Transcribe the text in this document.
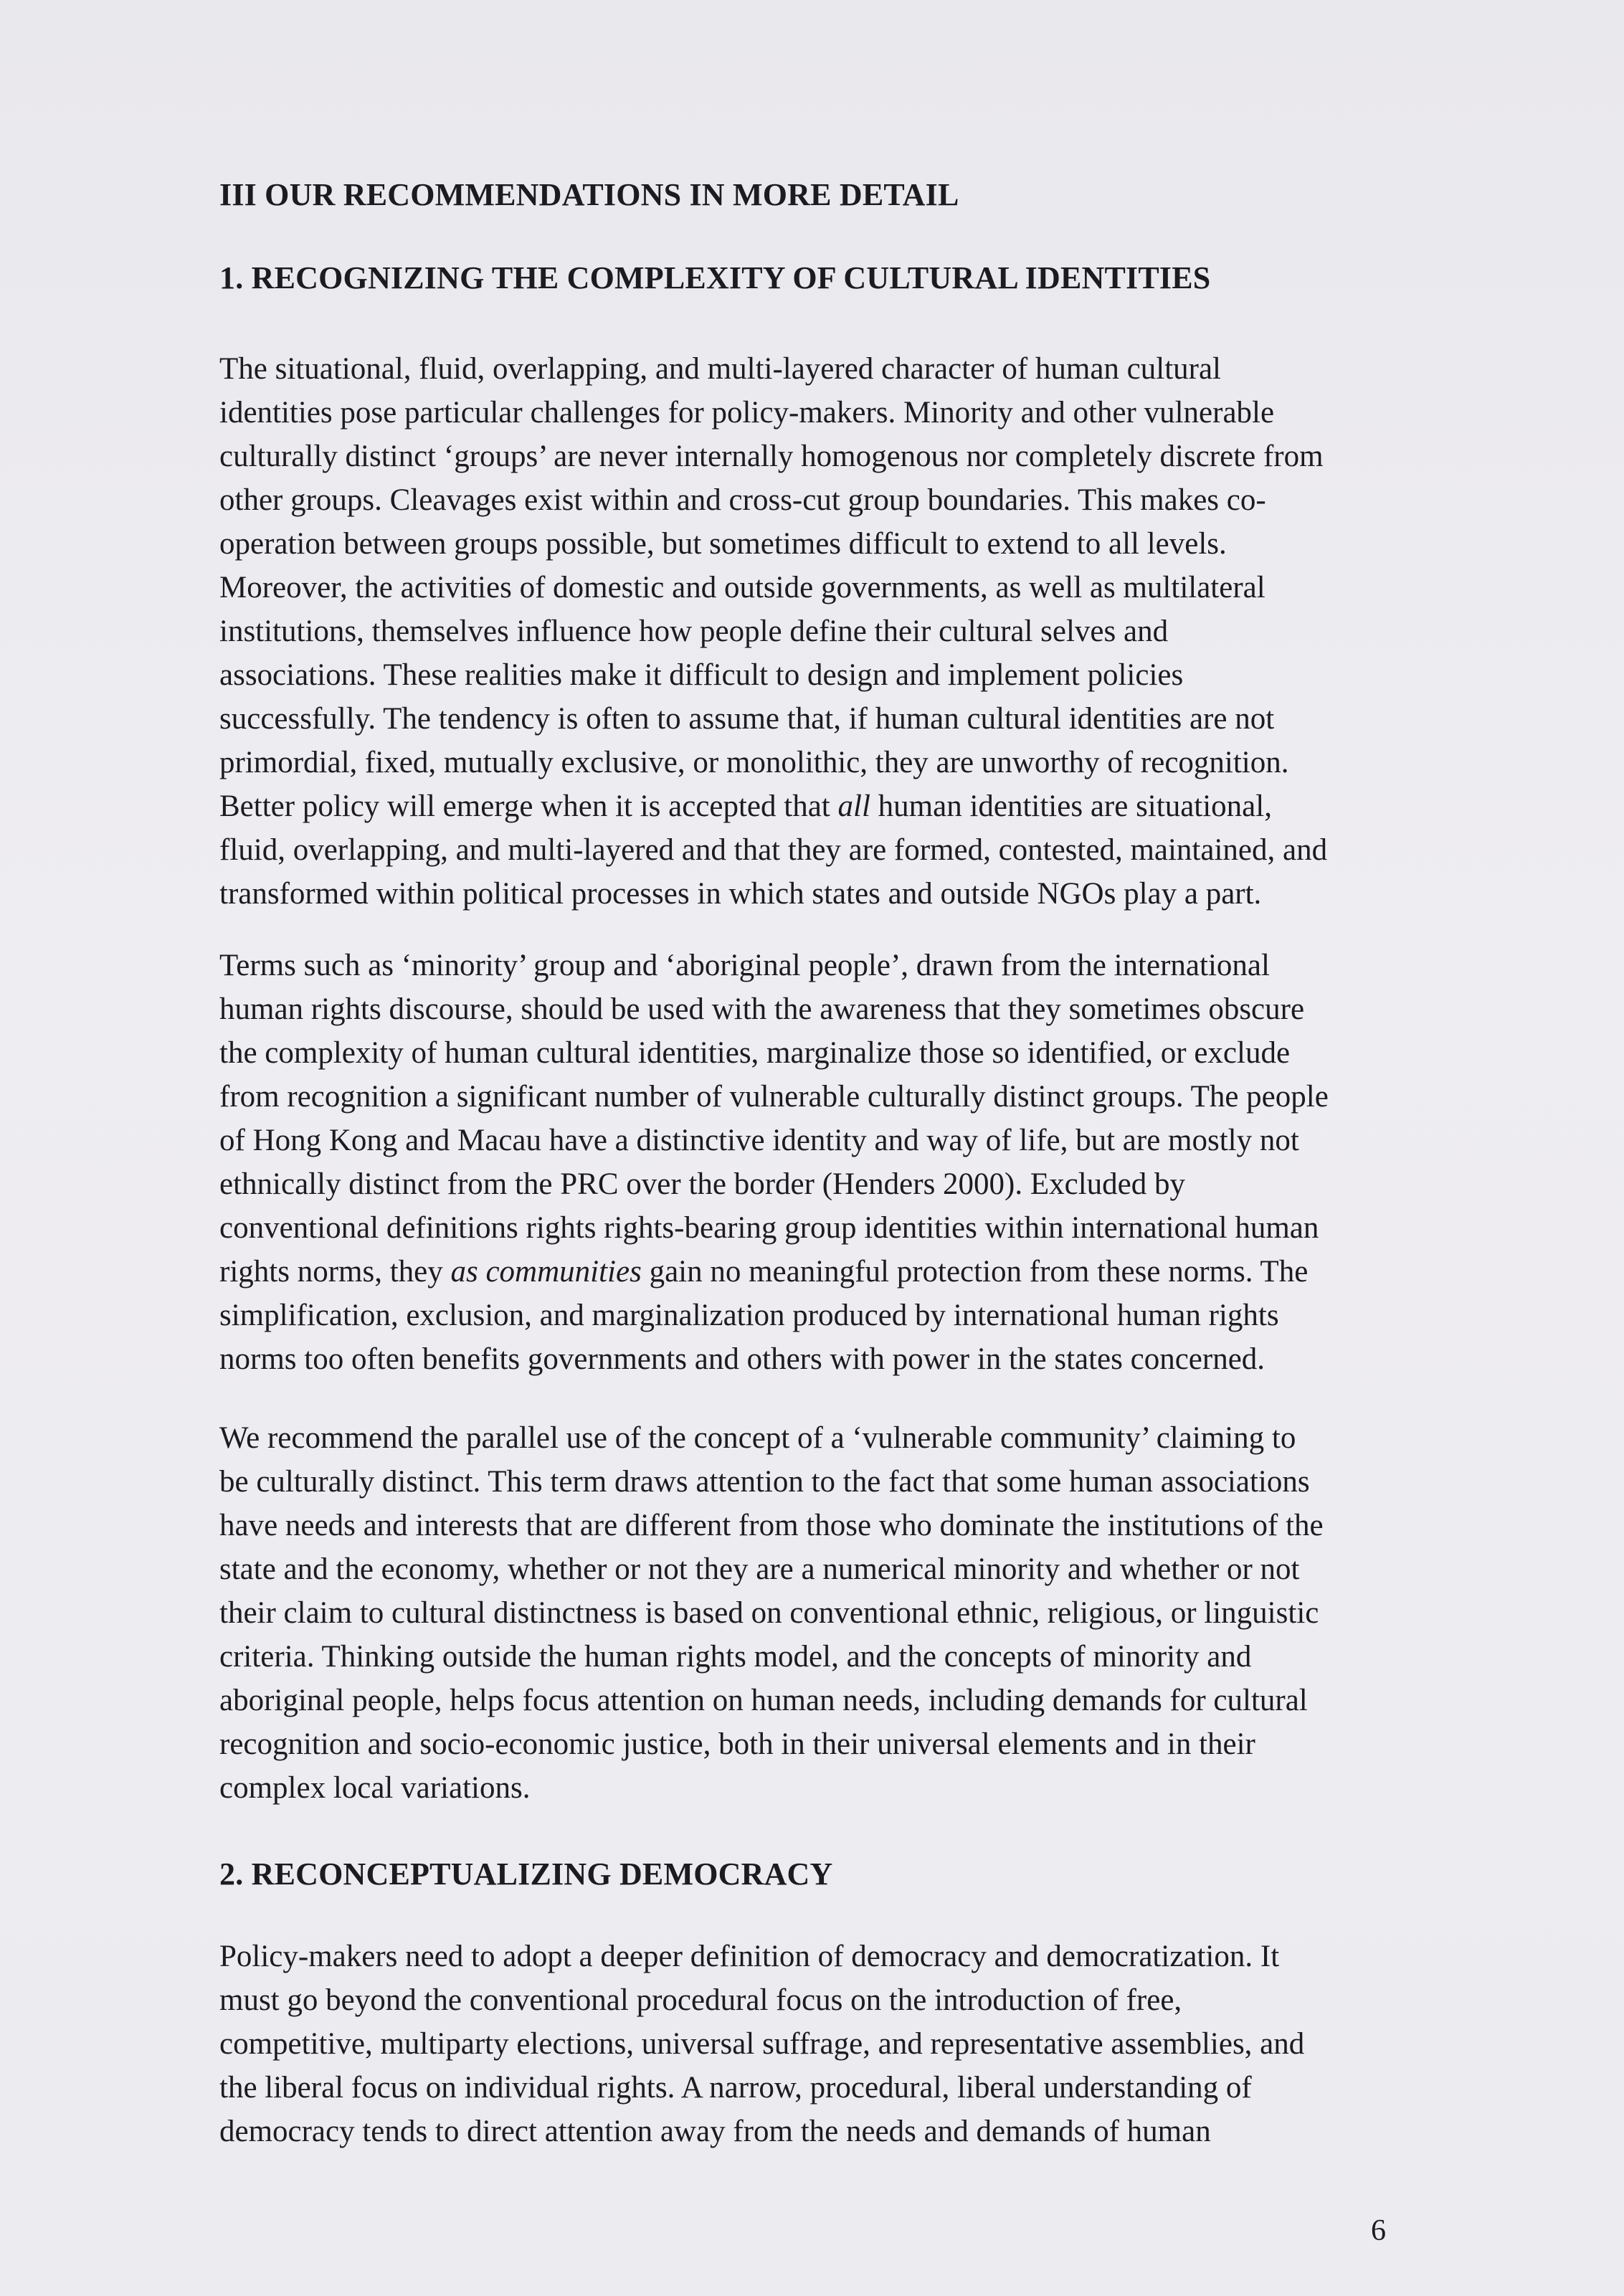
III OUR RECOMMENDATIONS IN MORE DETAIL
1. RECOGNIZING THE COMPLEXITY OF CULTURAL IDENTITIES
The situational, fluid, overlapping, and multi-layered character of human cultural
identities pose particular challenges for policy-makers. Minority and other vulnerable
culturally distinct ‘groups’ are never internally homogenous nor completely discrete from
other groups. Cleavages exist within and cross-cut group boundaries. This makes co-
operation between groups possible, but sometimes difficult to extend to all levels.
Moreover, the activities of domestic and outside governments, as well as multilateral
institutions, themselves influence how people define their cultural selves and
associations. These realities make it difficult to design and implement policies
successfully. The tendency is often to assume that, if human cultural identities are not
primordial, fixed, mutually exclusive, or monolithic, they are unworthy of recognition.
Better policy will emerge when it is accepted that all human identities are situational,
fluid, overlapping, and multi-layered and that they are formed, contested, maintained, and
transformed within political processes in which states and outside NGOs play a part.
Terms such as ‘minority’ group and ‘aboriginal people’, drawn from the international
human rights discourse, should be used with the awareness that they sometimes obscure
the complexity of human cultural identities, marginalize those so identified, or exclude
from recognition a significant number of vulnerable culturally distinct groups. The people
of Hong Kong and Macau have a distinctive identity and way of life, but are mostly not
ethnically distinct from the PRC over the border (Henders 2000). Excluded by
conventional definitions rights rights-bearing group identities within international human
rights norms, they as communities gain no meaningful protection from these norms. The
simplification, exclusion, and marginalization produced by international human rights
norms too often benefits governments and others with power in the states concerned.
We recommend the parallel use of the concept of a ‘vulnerable community’ claiming to
be culturally distinct. This term draws attention to the fact that some human associations
have needs and interests that are different from those who dominate the institutions of the
state and the economy, whether or not they are a numerical minority and whether or not
their claim to cultural distinctness is based on conventional ethnic, religious, or linguistic
criteria. Thinking outside the human rights model, and the concepts of minority and
aboriginal people, helps focus attention on human needs, including demands for cultural
recognition and socio-economic justice, both in their universal elements and in their
complex local variations.
2. RECONCEPTUALIZING DEMOCRACY
Policy-makers need to adopt a deeper definition of democracy and democratization. It
must go beyond the conventional procedural focus on the introduction of free,
competitive, multiparty elections, universal suffrage, and representative assemblies, and
the liberal focus on individual rights. A narrow, procedural, liberal understanding of
democracy tends to direct attention away from the needs and demands of human
6
